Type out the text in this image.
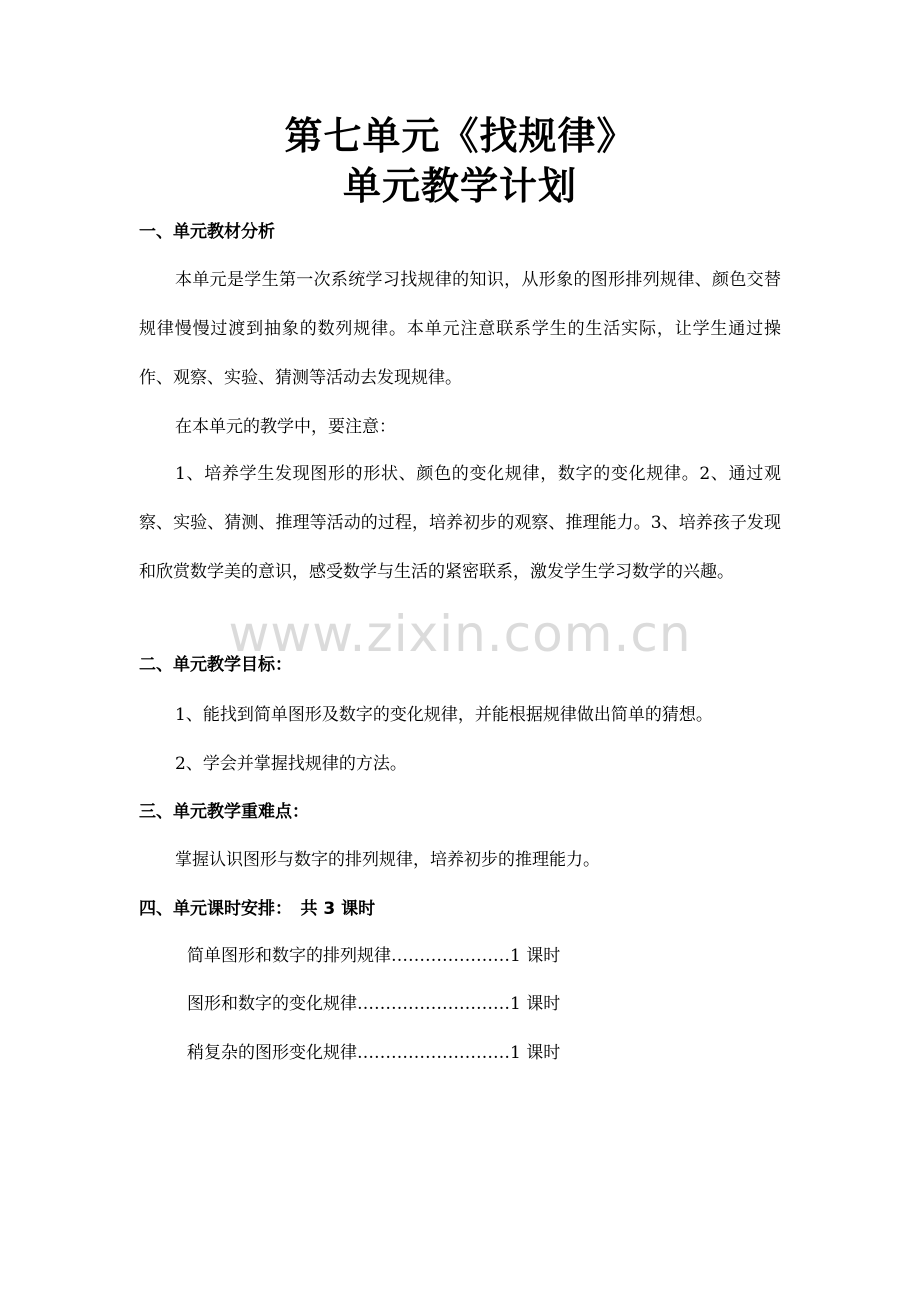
第七单元《找规律》
单元教学计划
一、单元教材分析
本单元是学生第一次系统学习找规律的知识，从形象的图形排列规律、颜色交替规律慢慢过渡到抽象的数列规律。本单元注意联系学生的生活实际，让学生通过操作、观察、实验、猜测等活动去发现规律。
在本单元的教学中，要注意：
1、培养学生发现图形的形状、颜色的变化规律，数字的变化规律。2、通过观察、实验、猜测、推理等活动的过程，培养初步的观察、推理能力。3、培养孩子发现和欣赏数学美的意识，感受数学与生活的紧密联系，激发学生学习数学的兴趣。
www.zixin.com.cn
二、单元教学目标：
1、能找到简单图形及数字的变化规律，并能根据规律做出简单的猜想。
2、学会并掌握找规律的方法。
三、单元教学重难点：
掌握认识图形与数字的排列规律，培养初步的推理能力。
四、单元课时安排：　共 3 课时
简单图形和数字的排列规律…………………1 课时
图形和数字的变化规律………………………1 课时
稍复杂的图形变化规律………………………1 课时
